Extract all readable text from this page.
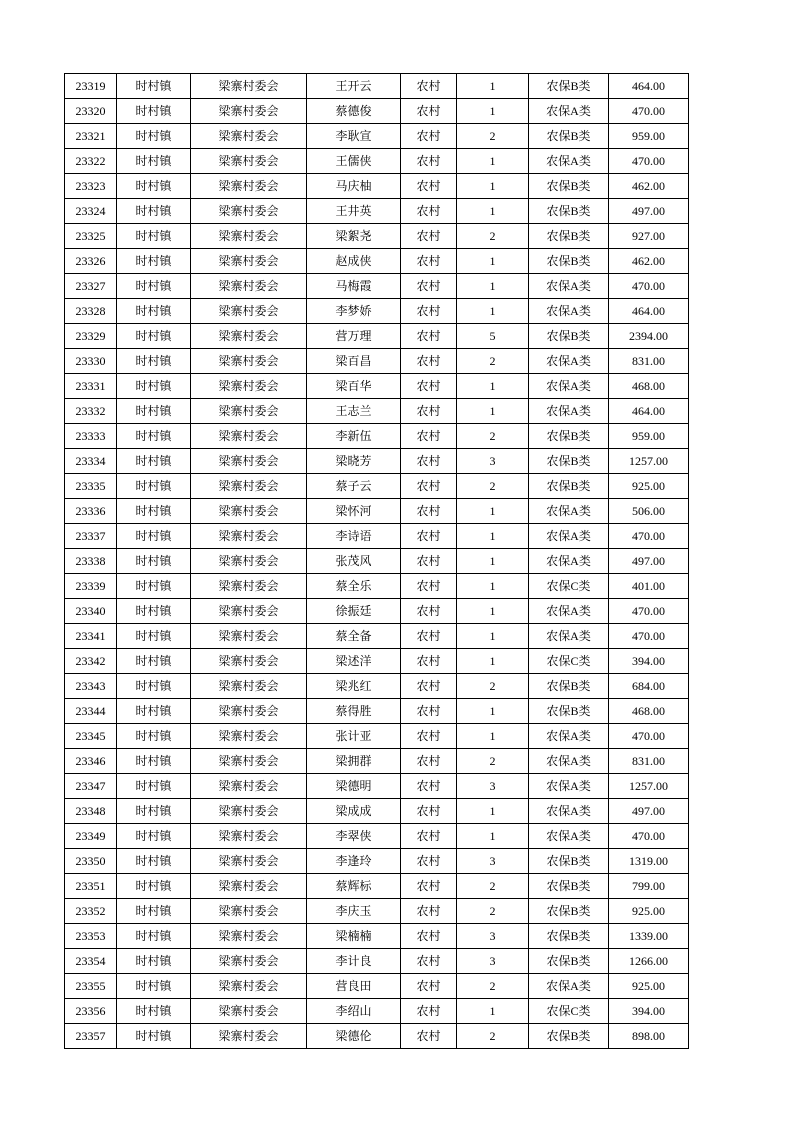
23319	时村镇	梁寨村委会	王开云	农村	1	农保B类	464.00
23320	时村镇	梁寨村委会	蔡德俊	农村	1	农保A类	470.00
23321	时村镇	梁寨村委会	李耿宣	农村	2	农保B类	959.00
23322	时村镇	梁寨村委会	王儒侠	农村	1	农保A类	470.00
23323	时村镇	梁寨村委会	马庆柚	农村	1	农保B类	462.00
23324	时村镇	梁寨村委会	王井英	农村	1	农保B类	497.00
23325	时村镇	梁寨村委会	梁絮尧	农村	2	农保B类	927.00
23326	时村镇	梁寨村委会	赵成侠	农村	1	农保B类	462.00
23327	时村镇	梁寨村委会	马梅霞	农村	1	农保A类	470.00
23328	时村镇	梁寨村委会	李梦娇	农村	1	农保A类	464.00
23329	时村镇	梁寨村委会	营万理	农村	5	农保B类	2394.00
23330	时村镇	梁寨村委会	梁百昌	农村	2	农保A类	831.00
23331	时村镇	梁寨村委会	梁百华	农村	1	农保A类	468.00
23332	时村镇	梁寨村委会	王志兰	农村	1	农保A类	464.00
23333	时村镇	梁寨村委会	李新伍	农村	2	农保B类	959.00
23334	时村镇	梁寨村委会	梁晓芳	农村	3	农保B类	1257.00
23335	时村镇	梁寨村委会	蔡子云	农村	2	农保B类	925.00
23336	时村镇	梁寨村委会	梁怀河	农村	1	农保A类	506.00
23337	时村镇	梁寨村委会	李诗语	农村	1	农保A类	470.00
23338	时村镇	梁寨村委会	张茂风	农村	1	农保A类	497.00
23339	时村镇	梁寨村委会	蔡全乐	农村	1	农保C类	401.00
23340	时村镇	梁寨村委会	徐振廷	农村	1	农保A类	470.00
23341	时村镇	梁寨村委会	蔡全备	农村	1	农保A类	470.00
23342	时村镇	梁寨村委会	梁述洋	农村	1	农保C类	394.00
23343	时村镇	梁寨村委会	梁兆红	农村	2	农保B类	684.00
23344	时村镇	梁寨村委会	蔡得胜	农村	1	农保B类	468.00
23345	时村镇	梁寨村委会	张计亚	农村	1	农保A类	470.00
23346	时村镇	梁寨村委会	梁拥群	农村	2	农保A类	831.00
23347	时村镇	梁寨村委会	梁德明	农村	3	农保A类	1257.00
23348	时村镇	梁寨村委会	梁成成	农村	1	农保A类	497.00
23349	时村镇	梁寨村委会	李翠侠	农村	1	农保A类	470.00
23350	时村镇	梁寨村委会	李逢玲	农村	3	农保B类	1319.00
23351	时村镇	梁寨村委会	蔡辉标	农村	2	农保B类	799.00
23352	时村镇	梁寨村委会	李庆玉	农村	2	农保B类	925.00
23353	时村镇	梁寨村委会	梁楠楠	农村	3	农保B类	1339.00
23354	时村镇	梁寨村委会	李计良	农村	3	农保B类	1266.00
23355	时村镇	梁寨村委会	营良田	农村	2	农保A类	925.00
23356	时村镇	梁寨村委会	李绍山	农村	1	农保C类	394.00
23357	时村镇	梁寨村委会	梁德伦	农村	2	农保B类	898.00
